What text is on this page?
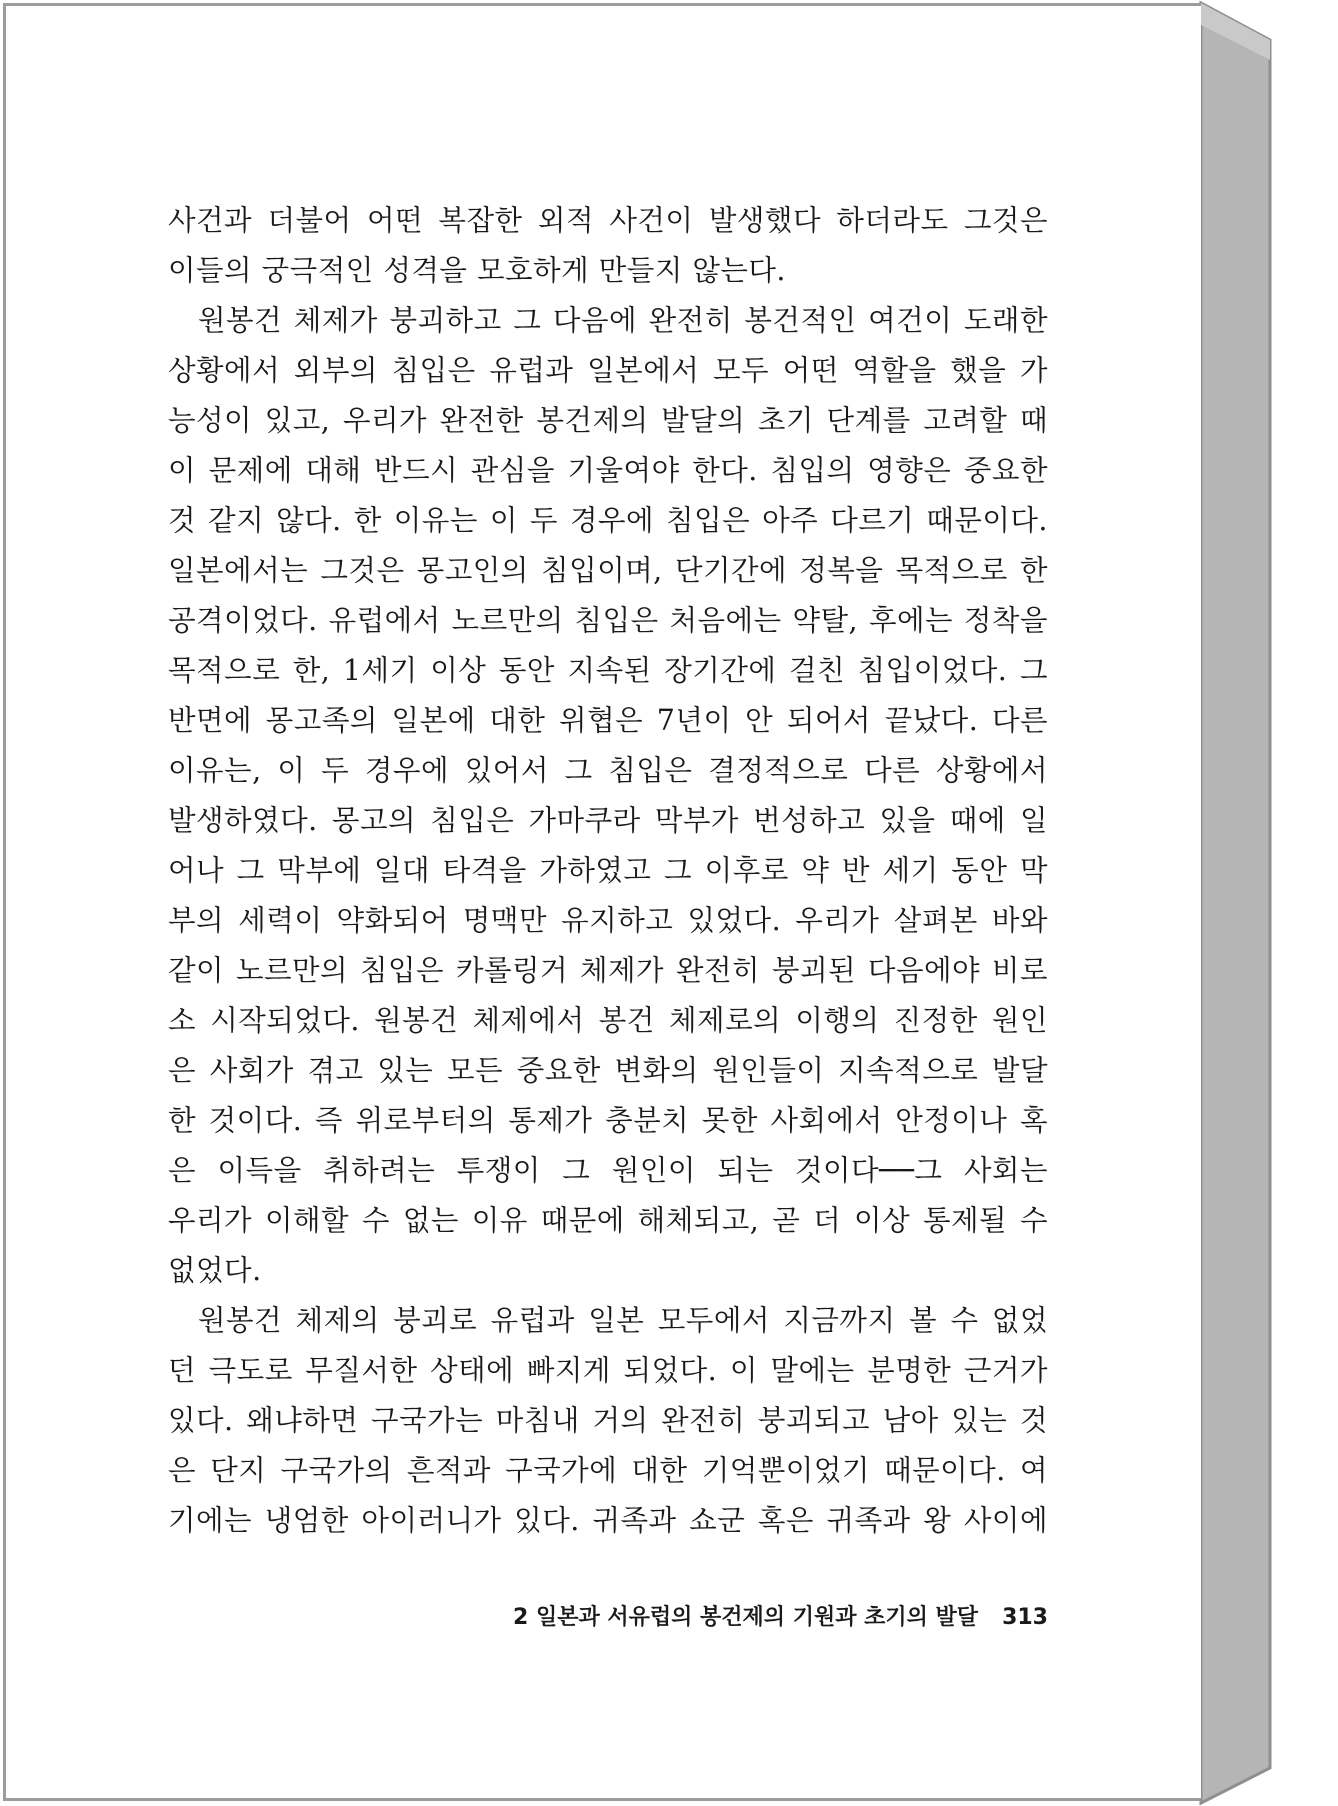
사건과 더불어 어떤 복잡한 외적 사건이 발생했다 하더라도 그것은
이들의 궁극적인 성격을 모호하게 만들지 않는다.
원봉건 체제가 붕괴하고 그 다음에 완전히 봉건적인 여건이 도래한
상황에서 외부의 침입은 유럽과 일본에서 모두 어떤 역할을 했을 가
능성이 있고, 우리가 완전한 봉건제의 발달의 초기 단계를 고려할 때
이 문제에 대해 반드시 관심을 기울여야 한다. 침입의 영향은 중요한
것 같지 않다. 한 이유는 이 두 경우에 침입은 아주 다르기 때문이다.
일본에서는 그것은 몽고인의 침입이며, 단기간에 정복을 목적으로 한
공격이었다. 유럽에서 노르만의 침입은 처음에는 약탈, 후에는 정착을
목적으로 한, 1세기 이상 동안 지속된 장기간에 걸친 침입이었다. 그
반면에 몽고족의 일본에 대한 위협은 7년이 안 되어서 끝났다. 다른
이유는, 이 두 경우에 있어서 그 침입은 결정적으로 다른 상황에서
발생하였다. 몽고의 침입은 가마쿠라 막부가 번성하고 있을 때에 일
어나 그 막부에 일대 타격을 가하였고 그 이후로 약 반 세기 동안 막
부의 세력이 약화되어 명맥만 유지하고 있었다. 우리가 살펴본 바와
같이 노르만의 침입은 카롤링거 체제가 완전히 붕괴된 다음에야 비로
소 시작되었다. 원봉건 체제에서 봉건 체제로의 이행의 진정한 원인
은 사회가 겪고 있는 모든 중요한 변화의 원인들이 지속적으로 발달
한 것이다. 즉 위로부터의 통제가 충분치 못한 사회에서 안정이나 혹
은 이득을 취하려는 투쟁이 그 원인이 되는 것이다──그 사회는
우리가 이해할 수 없는 이유 때문에 해체되고, 곧 더 이상 통제될 수
없었다.
원봉건 체제의 붕괴로 유럽과 일본 모두에서 지금까지 볼 수 없었
던 극도로 무질서한 상태에 빠지게 되었다. 이 말에는 분명한 근거가
있다. 왜냐하면 구국가는 마침내 거의 완전히 붕괴되고 남아 있는 것
은 단지 구국가의 흔적과 구국가에 대한 기억뿐이었기 때문이다. 여
기에는 냉엄한 아이러니가 있다. 귀족과 쇼군 혹은 귀족과 왕 사이에
2 일본과 서유럽의 봉건제의 기원과 초기의 발달 313
